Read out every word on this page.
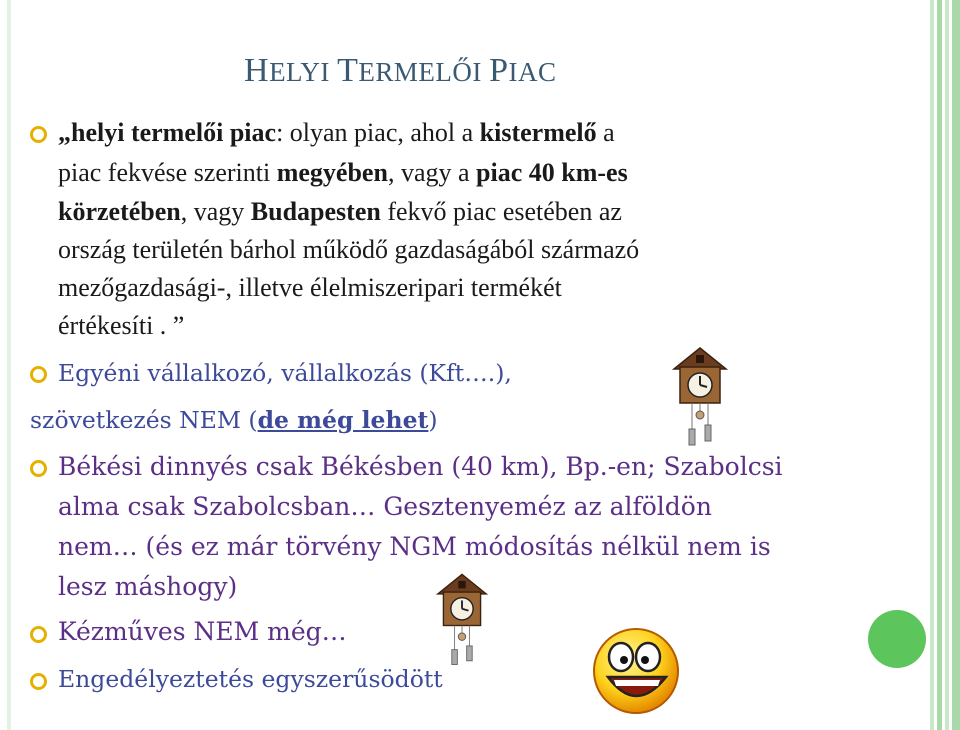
HELYI TERMELŐI PIAC
„helyi termelői piac: olyan piac, ahol a kistermelő a
piac fekvése szerinti megyében, vagy a piac 40 km-es
körzetében, vagy Budapesten fekvő piac esetében az
ország területén bárhol működő gazdaságából származó
mezőgazdasági-, illetve élelmiszeripari termékét
értékesíti . ”
Egyéni vállalkozó, vállalkozás (Kft….),
szövetkezés NEM (de még lehet)
Békési dinnyés csak Békésben (40 km), Bp.-en; Szabolcsi
alma csak Szabolcsban… Gesztenyeméz az alföldön
nem… (és ez már törvény NGM módosítás nélkül nem is
lesz máshogy)
Kézműves NEM még…
Engedélyeztetés egyszerűsödött
